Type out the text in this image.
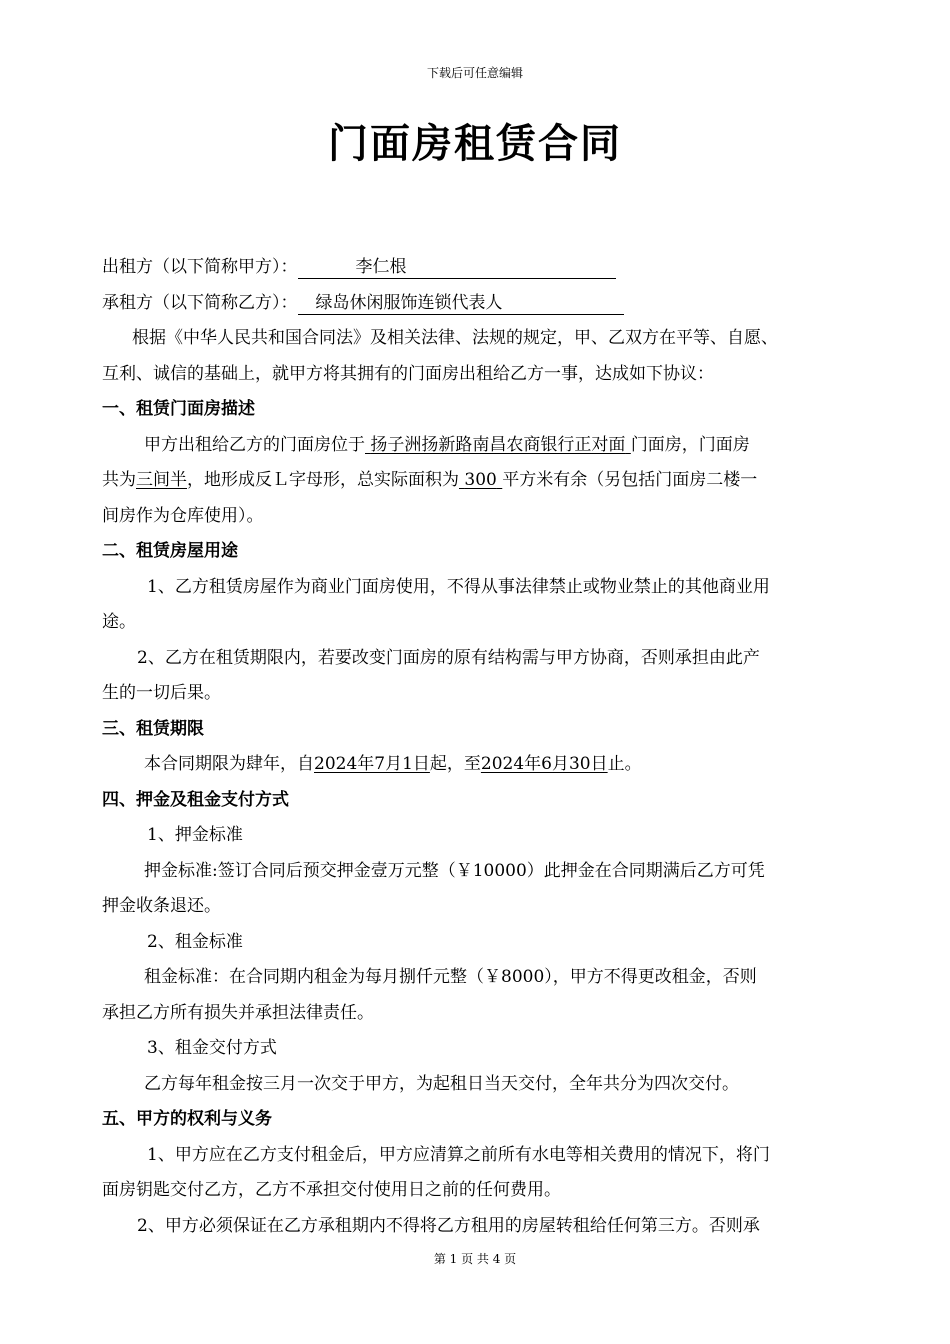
下载后可任意编辑
门面房租赁合同
出租方（以下简称甲方）：	李仁根
承租方（以下简称乙方）： 绿岛休闲服饰连锁代表人
根据《中华人民共和国合同法》及相关法律、法规的规定，甲、乙双方在平等、自愿、
互利、诚信的基础上，就甲方将其拥有的门面房出租给乙方一事，达成如下协议：
一、租赁门面房描述
甲方出租给乙方的门面房位于 扬子洲扬新路南昌农商银行正对面 门面房，门面房
共为三间半，地形成反Ｌ字母形，总实际面积为 300 平方米有余（另包括门面房二楼一
间房作为仓库使用）。
二、租赁房屋用途
1、乙方租赁房屋作为商业门面房使用，不得从事法律禁止或物业禁止的其他商业用
途。
2、乙方在租赁期限内，若要改变门面房的原有结构需与甲方协商，否则承担由此产
生的一切后果。
三、租赁期限
本合同期限为肆年，自2024年7月1日起，至2024年6月30日止。
四、押金及租金支付方式
1、押金标准
押金标准:签订合同后预交押金壹万元整（￥10000）此押金在合同期满后乙方可凭
押金收条退还。
2、租金标准
租金标准：在合同期内租金为每月捌仟元整（￥8000），甲方不得更改租金，否则
承担乙方所有损失并承担法律责任。
3、租金交付方式
乙方每年租金按三月一次交于甲方，为起租日当天交付，全年共分为四次交付。
五、甲方的权利与义务
1、甲方应在乙方支付租金后，甲方应清算之前所有水电等相关费用的情况下，将门
面房钥匙交付乙方，乙方不承担交付使用日之前的任何费用。
2、甲方必须保证在乙方承租期内不得将乙方租用的房屋转租给任何第三方。否则承
第 1 页 共 4 页
